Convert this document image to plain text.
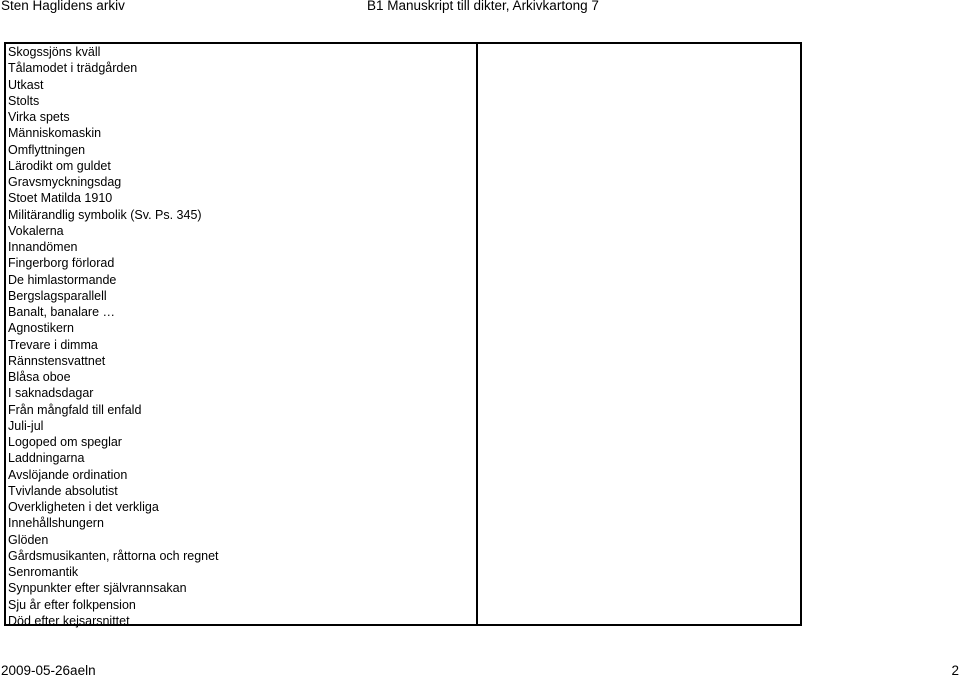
Sten Haglidens arkiv	B1 Manuskript till dikter, Arkivkartong 7
Skogssjöns kväll
Tålamodet i trädgården
Utkast
Stolts
Virka spets
Människomaskin
Omflyttningen
Lärodikt om guldet
Gravsmyckningsdag
Stoet Matilda 1910
Militärandlig symbolik (Sv. Ps. 345)
Vokalerna
Innandömen
Fingerborg förlorad
De himlastormande
Bergslagsparallell
Banalt, banalare …
Agnostikern
Trevare i dimma
Rännstensvattnet
Blåsa oboe
I saknadsdagar
Från mångfald till enfald
Juli-jul
Logoped om speglar
Laddningarna
Avslöjande ordination
Tvivlande absolutist
Overkligheten i det verkliga
Innehållshungern
Glöden
Gårdsmusikanten, råttorna och regnet
Senromantik
Synpunkter efter självrannsakan
Sju år efter folkpension
Död efter kejsarsnittet
2009-05-26aeln	2
